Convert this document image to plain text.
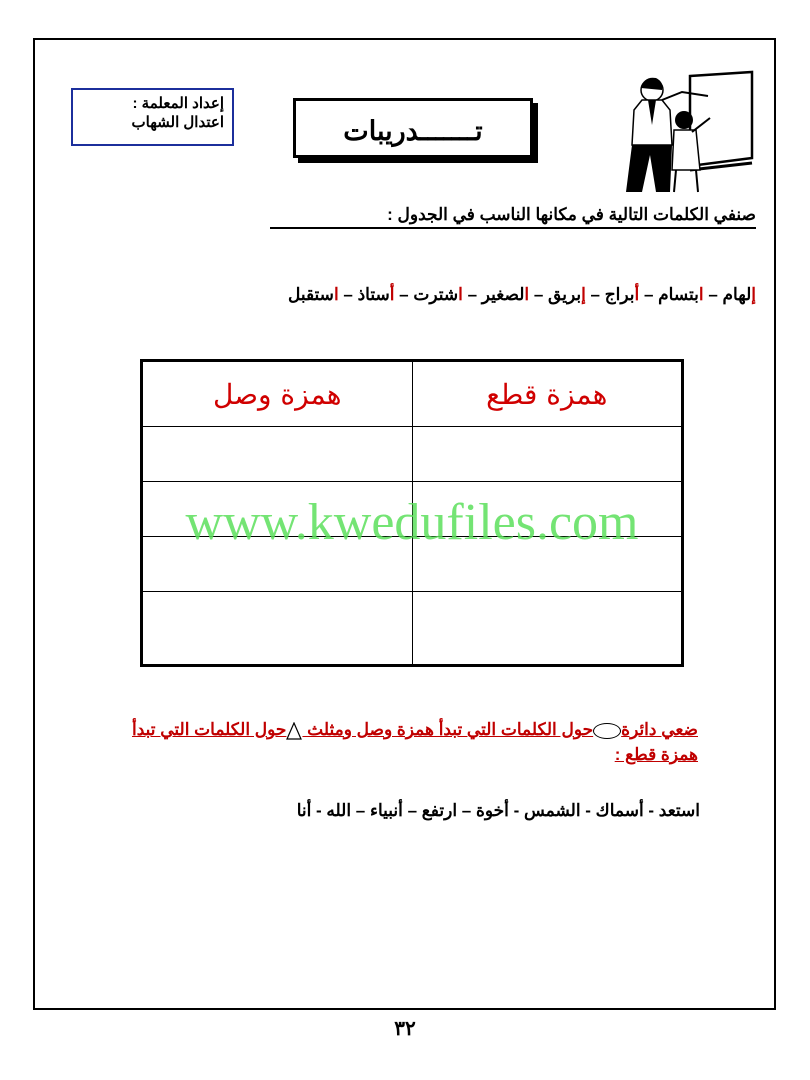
إعداد المعلمة :
اعتدال الشهاب	تـــــــدريبات
صنفي الكلمات التالية في مكانها الناسب في الجدول :
إلهام – ابتسام – أبراج – إبريق – الصغير – اشترت – أستاذ – استقبل
همزة وصل	همزة قطع

www.kwedufiles.com
ضعي دائرةحول الكلمات التي تبدأ همزة وصل ومثلث حول الكلمات التي تبدأ همزة قطع :
استعد - أسماك - الشمس - أخوة – ارتفع – أنبياء – الله - أنا
٣٢
